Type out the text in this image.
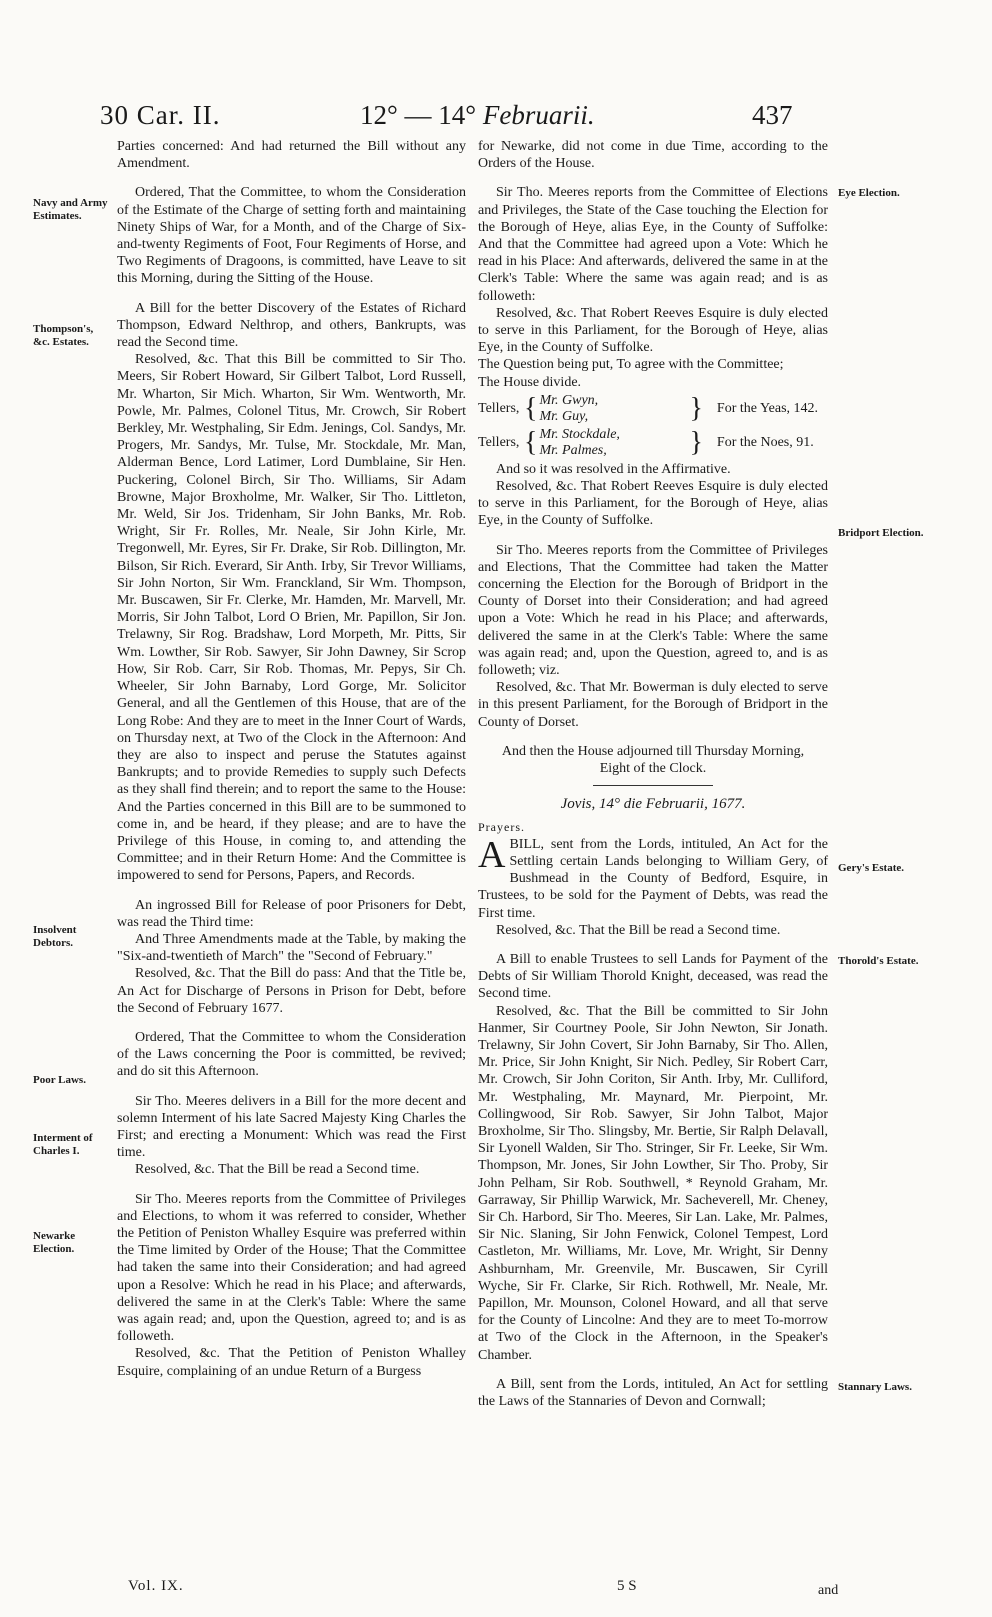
30 Car. II.	12° — 14° Februarii.	437
Navy and Army Estimates.
Thompson's, &c. Estates.
Insolvent Debtors.
Poor Laws.
Interment of Charles I.
Newarke Election.
Eye Election.
Bridport Election.
Gery's Estate.
Thorold's Estate.
Stannary Laws.

Parties concerned: And had returned the Bill without any Amendment.

Ordered, That the Committee, to whom the Consideration of the Estimate of the Charge of setting forth and maintaining Ninety Ships of War, for a Month, and of the Charge of Six-and-twenty Regiments of Foot, Four Regiments of Horse, and Two Regiments of Dragoons, is committed, have Leave to sit this Morning, during the Sitting of the House.

A Bill for the better Discovery of the Estates of Richard Thompson, Edward Nelthrop, and others, Bankrupts, was read the Second time.

Resolved, &c. That this Bill be committed to Sir Tho. Meers, Sir Robert Howard, Sir Gilbert Talbot, Lord Russell, Mr. Wharton, Sir Mich. Wharton, Sir Wm. Wentworth, Mr. Powle, Mr. Palmes, Colonel Titus, Mr. Crowch, Sir Robert Berkley, Mr. Westphaling, Sir Edm. Jenings, Col. Sandys, Mr. Progers, Mr. Sandys, Mr. Tulse, Mr. Stockdale, Mr. Man, Alderman Bence, Lord Latimer, Lord Dumblaine, Sir Hen. Puckering, Colonel Birch, Sir Tho. Williams, Sir Adam Browne, Major Broxholme, Mr. Walker, Sir Tho. Littleton, Mr. Weld, Sir Jos. Tridenham, Sir John Banks, Mr. Rob. Wright, Sir Fr. Rolles, Mr. Neale, Sir John Kirle, Mr. Tregonwell, Mr. Eyres, Sir Fr. Drake, Sir Rob. Dillington, Mr. Bilson, Sir Rich. Everard, Sir Anth. Irby, Sir Trevor Williams, Sir John Norton, Sir Wm. Franckland, Sir Wm. Thompson, Mr. Buscawen, Sir Fr. Clerke, Mr. Hamden, Mr. Marvell, Mr. Morris, Sir John Talbot, Lord O Brien, Mr. Papillon, Sir Jon. Trelawny, Sir Rog. Bradshaw, Lord Morpeth, Mr. Pitts, Sir Wm. Lowther, Sir Rob. Sawyer, Sir John Dawney, Sir Scrop How, Sir Rob. Carr, Sir Rob. Thomas, Mr. Pepys, Sir Ch. Wheeler, Sir John Barnaby, Lord Gorge, Mr. Solicitor General, and all the Gentlemen of this House, that are of the Long Robe: And they are to meet in the Inner Court of Wards, on Thursday next, at Two of the Clock in the Afternoon: And they are also to inspect and peruse the Statutes against Bankrupts; and to provide Remedies to supply such Defects as they shall find therein; and to report the same to the House: And the Parties concerned in this Bill are to be summoned to come in, and be heard, if they please; and are to have the Privilege of this House, in coming to, and attending the Committee; and in their Return Home: And the Committee is impowered to send for Persons, Papers, and Records.

An ingrossed Bill for Release of poor Prisoners for Debt, was read the Third time:

And Three Amendments made at the Table, by making the "Six-and-twentieth of March" the "Second of February."

Resolved, &c. That the Bill do pass: And that the Title be, An Act for Discharge of Persons in Prison for Debt, before the Second of February 1677.

Ordered, That the Committee to whom the Consideration of the Laws concerning the Poor is committed, be revived; and do sit this Afternoon.

Sir Tho. Meeres delivers in a Bill for the more decent and solemn Interment of his late Sacred Majesty King Charles the First; and erecting a Monument: Which was read the First time.

Resolved, &c. That the Bill be read a Second time.

Sir Tho. Meeres reports from the Committee of Privileges and Elections, to whom it was referred to consider, Whether the Petition of Peniston Whalley Esquire was preferred within the Time limited by Order of the House; That the Committee had taken the same into their Consideration; and had agreed upon a Resolve: Which he read in his Place; and afterwards, delivered the same in at the Clerk's Table: Where the same was again read; and, upon the Question, agreed to; and is as followeth.

Resolved, &c. That the Petition of Peniston Whalley Esquire, complaining of an undue Return of a Burgess

for Newarke, did not come in due Time, according to the Orders of the House.

Sir Tho. Meeres reports from the Committee of Elections and Privileges, the State of the Case touching the Election for the Borough of Heye, alias Eye, in the County of Suffolke: And that the Committee had agreed upon a Vote: Which he read in his Place: And afterwards, delivered the same in at the Clerk's Table: Where the same was again read; and is as followeth:

Resolved, &c. That Robert Reeves Esquire is duly elected to serve in this Parliament, for the Borough of Heye, alias Eye, in the County of Suffolke.

The Question being put, To agree with the Committee;

The House divide.

Tellers, { Mr. Gwyn,
Mr. Guy,	} For the Yeas, 142.
Tellers, { Mr. Stockdale,
Mr. Palmes,	} For the Noes, 91.

And so it was resolved in the Affirmative.

Resolved, &c. That Robert Reeves Esquire is duly elected to serve in this Parliament, for the Borough of Heye, alias Eye, in the County of Suffolke.

Sir Tho. Meeres reports from the Committee of Privileges and Elections, That the Committee had taken the Matter concerning the Election for the Borough of Bridport in the County of Dorset into their Consideration; and had agreed upon a Vote: Which he read in his Place; and afterwards, delivered the same in at the Clerk's Table: Where the same was again read; and, upon the Question, agreed to, and is as followeth; viz.

Resolved, &c. That Mr. Bowerman is duly elected to serve in this present Parliament, for the Borough of Bridport in the County of Dorset.

And then the House adjourned till Thursday Morning, Eight of the Clock.

Jovis, 14° die Februarii, 1677.

Prayers.

ABILL, sent from the Lords, intituled, An Act for the Settling certain Lands belonging to William Gery, of Bushmead in the County of Bedford, Esquire, in Trustees, to be sold for the Payment of Debts, was read the First time.

Resolved, &c. That the Bill be read a Second time.

A Bill to enable Trustees to sell Lands for Payment of the Debts of Sir William Thorold Knight, deceased, was read the Second time.

Resolved, &c. That the Bill be committed to Sir John Hanmer, Sir Courtney Poole, Sir John Newton, Sir Jonath. Trelawny, Sir John Covert, Sir John Barnaby, Sir Tho. Allen, Mr. Price, Sir John Knight, Sir Nich. Pedley, Sir Robert Carr, Mr. Crowch, Sir John Coriton, Sir Anth. Irby, Mr. Culliford, Mr. Westphaling, Mr. Maynard, Mr. Pierpoint, Mr. Collingwood, Sir Rob. Sawyer, Sir John Talbot, Major Broxholme, Sir Tho. Slingsby, Mr. Bertie, Sir Ralph Delavall, Sir Lyonell Walden, Sir Tho. Stringer, Sir Fr. Leeke, Sir Wm. Thompson, Mr. Jones, Sir John Lowther, Sir Tho. Proby, Sir John Pelham, Sir Rob. Southwell, * Reynold Graham, Mr. Garraway, Sir Phillip Warwick, Mr. Sacheverell, Mr. Cheney, Sir Ch. Harbord, Sir Tho. Meeres, Sir Lan. Lake, Mr. Palmes, Sir Nic. Slaning, Sir John Fenwick, Colonel Tempest, Lord Castleton, Mr. Williams, Mr. Love, Mr. Wright, Sir Denny Ashburnham, Mr. Greenvile, Mr. Buscawen, Sir Cyrill Wyche, Sir Fr. Clarke, Sir Rich. Rothwell, Mr. Neale, Mr. Papillon, Mr. Mounson, Colonel Howard, and all that serve for the County of Lincolne: And they are to meet To-morrow at Two of the Clock in the Afternoon, in the Speaker's Chamber.

A Bill, sent from the Lords, intituled, An Act for settling the Laws of the Stannaries of Devon and Cornwall;

Vol. IX.	5 S	and
